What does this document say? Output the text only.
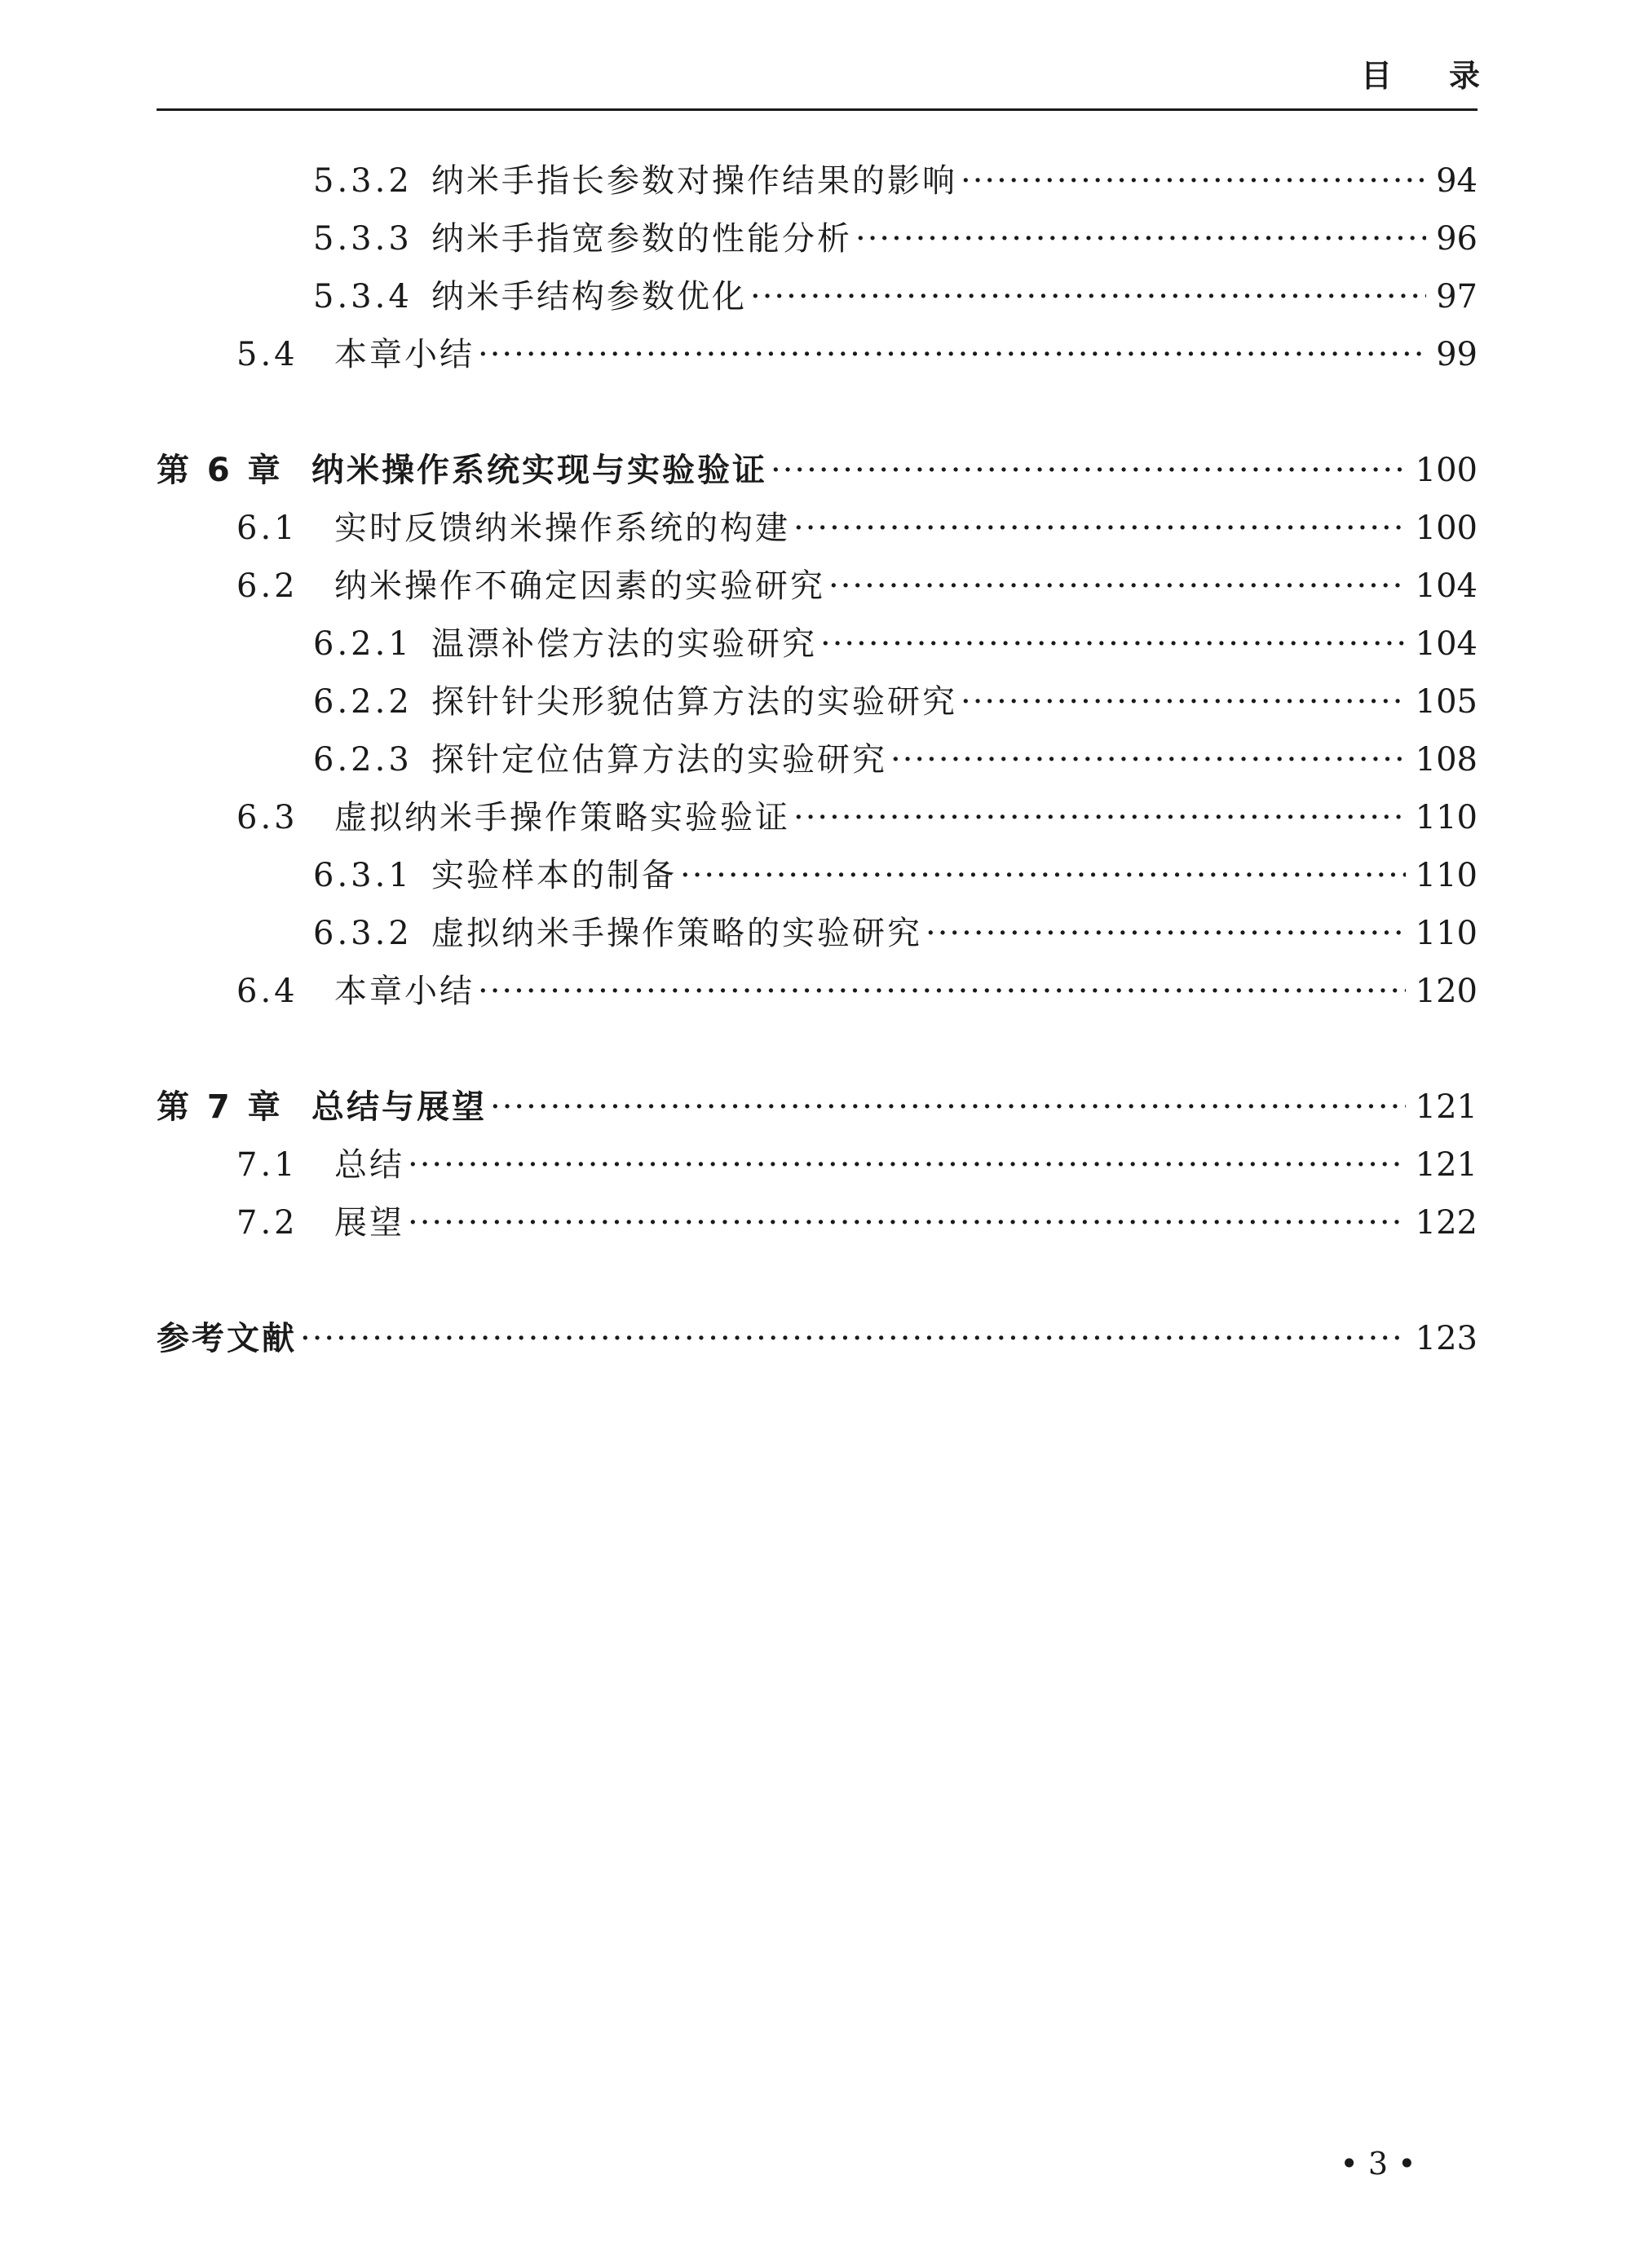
目录
5.3.2 纳米手指长参数对操作结果的影响 ·····	94
5.3.3 纳米手指宽参数的性能分析 ·····	96
5.3.4 纳米手结构参数优化 ·····	97
5.4	本章小结 ·····	99
第 6 章 纳米操作系统实现与实验验证 ·····	100
6.1	实时反馈纳米操作系统的构建 ·····	100
6.2	纳米操作不确定因素的实验研究 ·····	104
6.2.1 温漂补偿方法的实验研究 ·····	104
6.2.2 探针针尖形貌估算方法的实验研究 ·····	105
6.2.3 探针定位估算方法的实验研究 ·····	108
6.3	虚拟纳米手操作策略实验验证 ·····	110
6.3.1 实验样本的制备 ·····	110
6.3.2 虚拟纳米手操作策略的实验研究 ·····	110
6.4	本章小结 ·····	120
第 7 章 总结与展望 ·····	121
7.1	总结 ·····	121
7.2	展望 ·····	122
参考文献 ·····	123
• 3 •
